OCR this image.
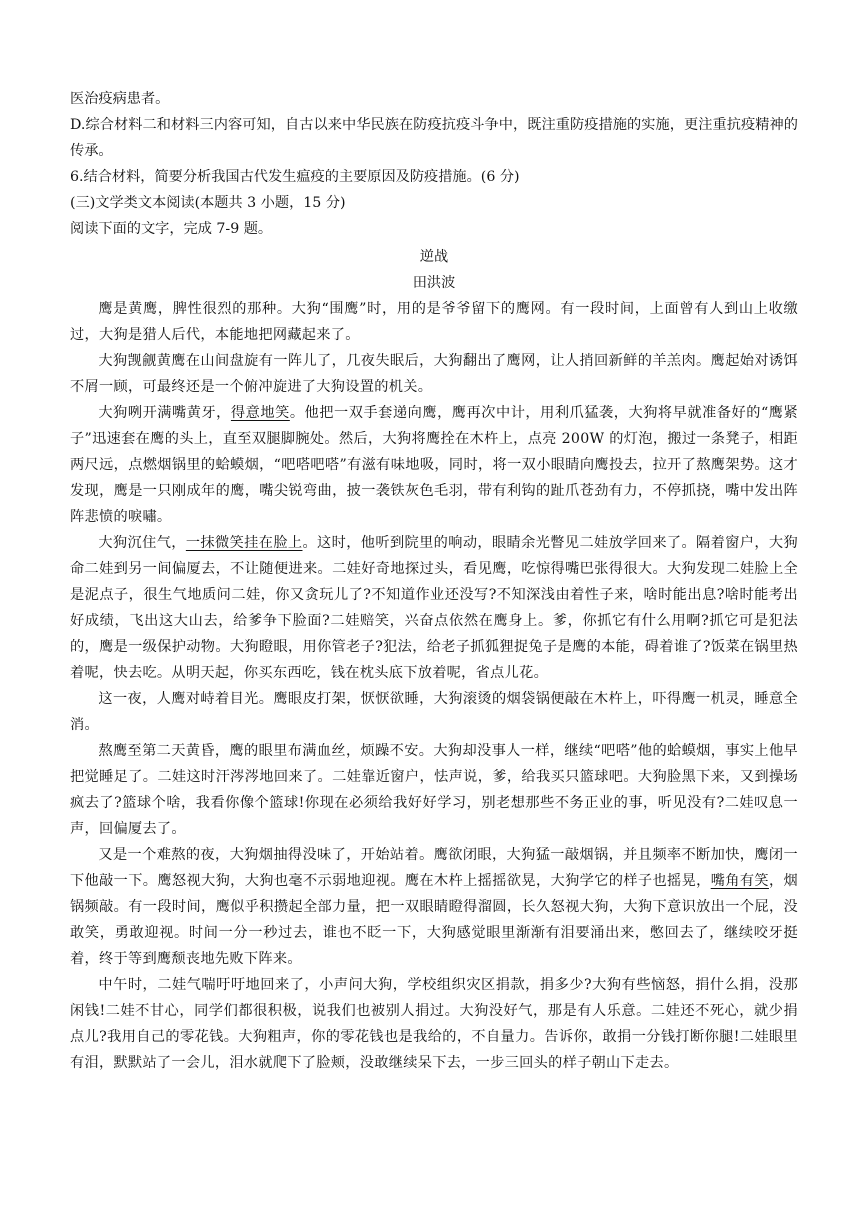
医治疫病患者。

D.综合材料二和材料三内容可知，自古以来中华民族在防疫抗疫斗争中，既注重防疫措施的实施，更注重抗疫精神的传承。

6.结合材料，简要分析我国古代发生瘟疫的主要原因及防疫措施。(6 分)

(三)文学类文本阅读(本题共 3 小题，15 分)

阅读下面的文字，完成 7-9 题。

逆战

田洪波

鹰是黄鹰，脾性很烈的那种。大狗“围鹰”时，用的是爷爷留下的鹰网。有一段时间，上面曾有人到山上收缴过，大狗是猎人后代，本能地把网藏起来了。

大狗觊觎黄鹰在山间盘旋有一阵儿了，几夜失眠后，大狗翻出了鹰网，让人捎回新鲜的羊羔肉。鹰起始对诱饵不屑一顾，可最终还是一个俯冲旋进了大狗设置的机关。

大狗咧开满嘴黄牙，得意地笑。他把一双手套递向鹰，鹰再次中计，用利爪猛袭，大狗将早就准备好的“鹰紧子”迅速套在鹰的头上，直至双腿脚腕处。然后，大狗将鹰拴在木杵上，点亮 200W 的灯泡，搬过一条凳子，相距两尺远，点燃烟锅里的蛤蟆烟，“吧嗒吧嗒”有滋有味地吸，同时，将一双小眼睛向鹰投去，拉开了熬鹰架势。这才发现，鹰是一只刚成年的鹰，嘴尖锐弯曲，披一袭铁灰色毛羽，带有利钩的趾爪苍劲有力，不停抓挠，嘴中发出阵阵悲愤的唳嘯。

大狗沉住气，一抹微笑挂在脸上。这时，他听到院里的响动，眼睛余光瞥见二娃放学回来了。隔着窗户，大狗命二娃到另一间偏厦去，不让随便进来。二娃好奇地探过头，看见鹰，吃惊得嘴巴张得很大。大狗发现二娃脸上全是泥点子，很生气地质问二娃，你又贪玩儿了?不知道作业还没写?不知深浅由着性子来，啥时能出息?啥时能考出好成绩，飞出这大山去，给爹争下脸面?二娃赔笑，兴奋点依然在鹰身上。爹，你抓它有什么用啊?抓它可是犯法的，鹰是一级保护动物。大狗瞪眼，用你管老子?犯法，给老子抓狐狸捉兔子是鹰的本能，碍着谁了?饭菜在锅里热着呢，快去吃。从明天起，你买东西吃，钱在枕头底下放着呢，省点儿花。

这一夜，人鹰对峙着目光。鹰眼皮打架，恹恹欲睡，大狗滚烫的烟袋锅便敲在木杵上，吓得鹰一机灵，睡意全消。

熬鹰至第二天黄昏，鹰的眼里布满血丝，烦躁不安。大狗却没事人一样，继续“吧嗒”他的蛤蟆烟，事实上他早把觉睡足了。二娃这时汗涔涔地回来了。二娃靠近窗户，怯声说，爹，给我买只篮球吧。大狗脸黑下来，又到操场疯去了?篮球个啥，我看你像个篮球!你现在必须给我好好学习，别老想那些不务正业的事，听见没有?二娃叹息一声，回偏厦去了。

又是一个难熬的夜，大狗烟抽得没味了，开始站着。鹰欲闭眼，大狗猛一敲烟锅，并且频率不断加快，鹰闭一下他敲一下。鹰怒视大狗，大狗也毫不示弱地迎视。鹰在木杵上摇摇欲晃，大狗学它的样子也摇晃，嘴角有笑，烟锅频敲。有一段时间，鹰似乎积攒起全部力量，把一双眼睛瞪得溜圆，长久怒视大狗，大狗下意识放出一个屁，没敢笑，勇敢迎视。时间一分一秒过去，谁也不眨一下，大狗感觉眼里渐渐有泪要涌出来，憋回去了，继续咬牙挺着，终于等到鹰颓丧地先败下阵来。

中午时，二娃气喘吁吁地回来了，小声问大狗，学校组织灾区捐款，捐多少?大狗有些恼怒，捐什么捐，没那闲钱!二娃不甘心，同学们都很积极，说我们也被别人捐过。大狗没好气，那是有人乐意。二娃还不死心，就少捐点儿?我用自己的零花钱。大狗粗声，你的零花钱也是我给的，不自量力。告诉你，敢捐一分钱打断你腿!二娃眼里有泪，默默站了一会儿，泪水就爬下了脸颊，没敢继续呆下去，一步三回头的样子朝山下走去。
